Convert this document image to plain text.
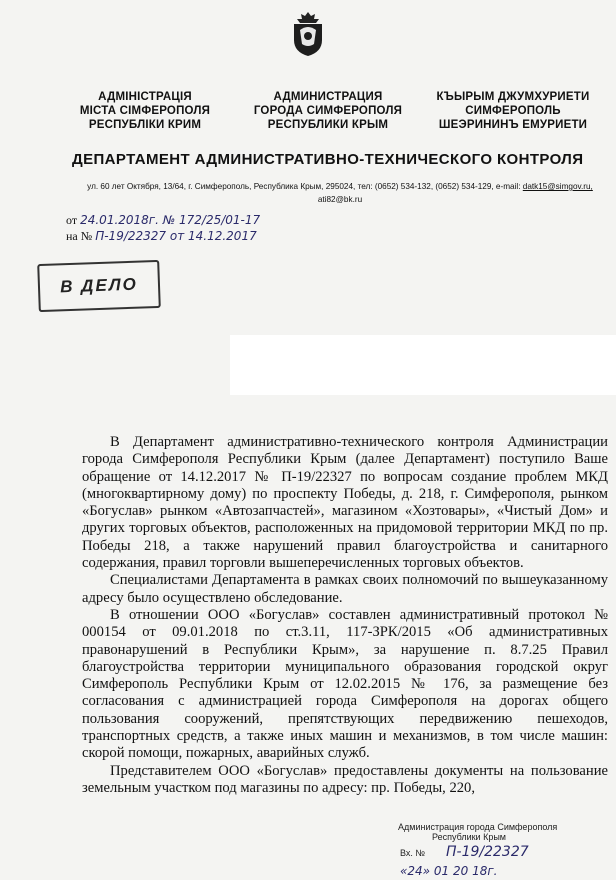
АДМІНІСТРАЦІЯ
МІСТА СІМФЕРОПОЛЯ
РЕСПУБЛІКИ КРИМ
АДМИНИСТРАЦИЯ
ГОРОДА СИМФЕРОПОЛЯ
РЕСПУБЛИКИ КРЫМ
КЪЫРЫМ ДЖУМХУРИЕТИ
СИМФЕРОПОЛЬ
ШЕЭРИНИНЪ ЕМУРИЕТИ
ДЕПАРТАМЕНТ АДМИНИСТРАТИВНО-ТЕХНИЧЕСКОГО КОНТРОЛЯ
ул. 60 лет Октября, 13/64, г. Симферополь, Республика Крым, 295024, тел: (0652) 534-132, (0652) 534-129, e-mail: datk15@simgov.ru,
ati82@bk.ru
от 24.01.2018г. № 172/25/01-17
на № П-19/22327 от 14.12.2017
В ДЕЛО

В Департамент административно-технического контроля Администрации города Симферополя Республики Крым (далее Департамент) поступило Ваше обращение от 14.12.2017 № П-19/22327 по вопросам создание проблем МКД (многоквартирному дому) по проспекту Победы, д. 218, г. Симферополя, рынком «Богуслав» рынком «Автозапчастей», магазином «Хозтовары», «Чистый Дом» и других торговых объектов, расположенных на придомовой территории МКД по пр. Победы 218, а также нарушений правил благоустройства и санитарного содержания, правил торговли вышеперечисленных торговых объектов.

Специалистами Департамента в рамках своих полномочий по вышеуказанному адресу было осуществлено обследование.

В отношении ООО «Богуслав» составлен административный протокол № 000154 от 09.01.2018 по ст.3.11, 117-ЗРК/2015 «Об административных правонарушений в Республики Крым», за нарушение п. 8.7.25 Правил благоустройства территории муниципального образования городской округ Симферополь Республики Крым от 12.02.2015 № 176, за размещение без согласования с администрацией города Симферополя на дорогах общего пользования сооружений, препятствующих передвижению пешеходов, транспортных средств, а также иных машин и механизмов, в том числе машин: скорой помощи, пожарных, аварийных служб.

Представителем ООО «Богуслав» предоставлены документы на пользование земельным участком под магазины по адресу: пр. Победы, 220,

Администрация города Симферополя
Республики Крым
Вх. № П-19/22327
«24» 01 20 18г.
